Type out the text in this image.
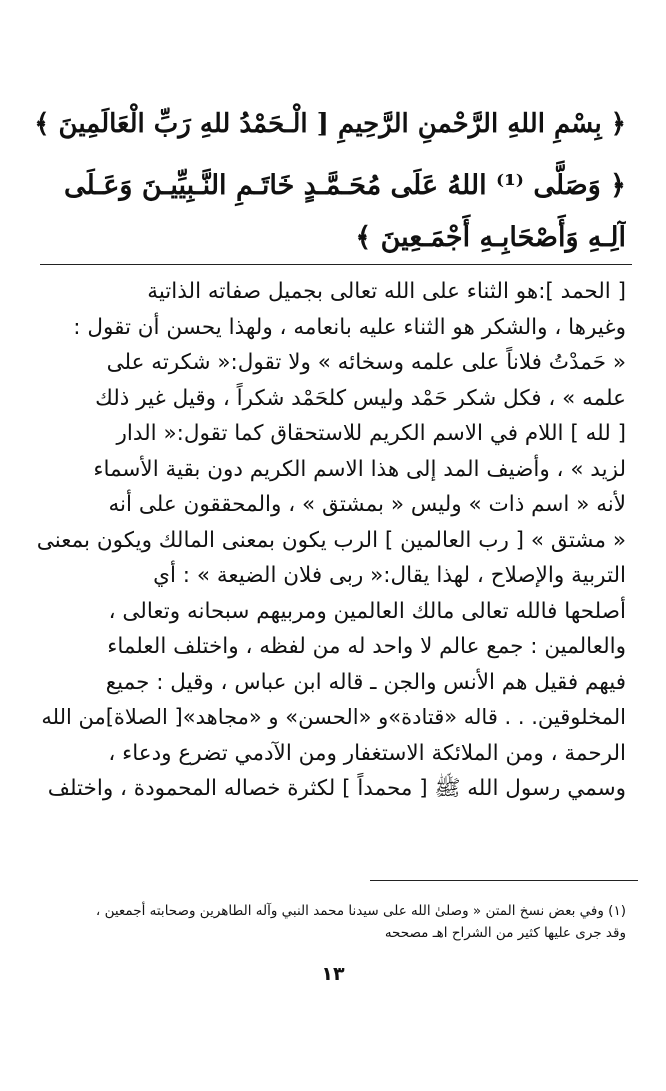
﴿ بِسْمِ اللهِ الرَّحْمنِ الرَّحِيمِ [ الْـحَمْدُ للهِ رَبِّ الْعَالَمِينَ ﴾
﴿ وَصَلَّى ⁽¹⁾ اللهُ عَلَى مُحَـمَّـدٍ خَاتَـمِ النَّـبِيِّيـنَ وَعَـلَى
آلِـهِ وَأَصْحَابِـهِ أَجْمَـعِينَ ﴾
[ الحمد ]:هو الثناء على الله تعالى بجميل صفاته الذاتية
وغيرها ، والشكر هو الثناء عليه بانعامه ، ولهذا يحسن أن تقول :
« حَمدْتُ فلاناً على علمه وسخائه » ولا تقول:« شكرته على
علمه » ، فكل شكر حَمْد وليس كلحَمْد شكراً ، وقيل غير ذلك
[ لله ] اللام في الاسم الكريم للاستحقاق كما تقول:« الدار
لزيد » ، وأضيف المد إلى هذا الاسم الكريم دون بقية الأسماء
لأنه « اسم ذات » وليس « بمشتق » ، والمحققون على أنه
« مشتق » [ رب العالمين ] الرب يكون بمعنى المالك ويكون بمعنى
التربية والإصلاح ، لهذا يقال:« ربى فلان الضيعة » : أي
أصلحها فالله تعالى مالك العالمين ومربيهم سبحانه وتعالى ،
والعالمين : جمع عالم لا واحد له من لفظه ، واختلف العلماء
فيهم فقيل هم الأنس والجن ـ قاله ابن عباس ، وقيل : جميع
المخلوقين. . . قاله «قتادة»و «الحسن» و «مجاهد»[ الصلاة]من الله
الرحمة ، ومن الملائكة الاستغفار ومن الآدمي تضرع ودعاء ،
وسمي رسول الله ﷺ [ محمداً ] لكثرة خصاله المحمودة ، واختلف
(١) وفي بعض نسخ المتن « وصلىٰ الله على سيدنا محمد النبي وآله الطاهرين وصحابته أجمعين ،
وقد جرى عليها كثير من الشراح اهـ مصححه
١٣
